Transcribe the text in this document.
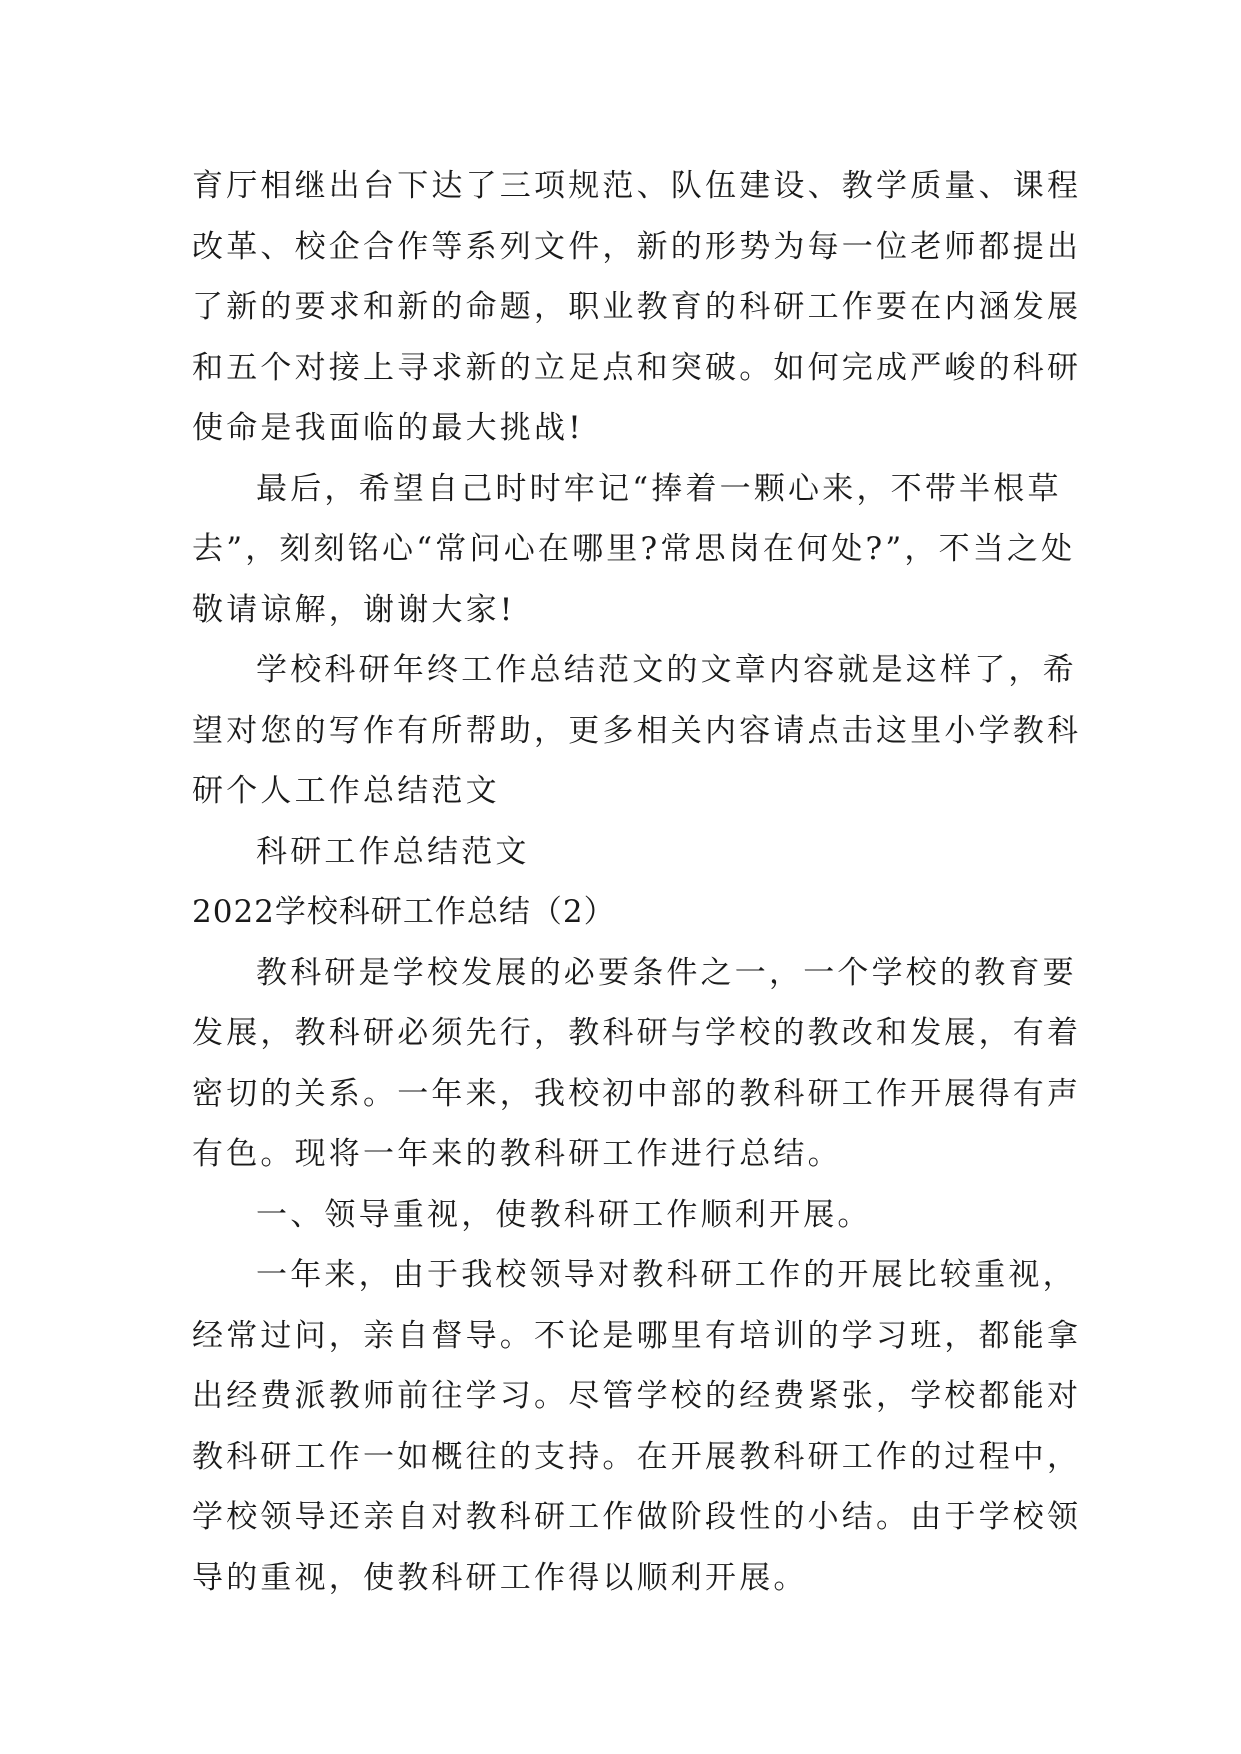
育厅相继出台下达了三项规范、队伍建设、教学质量、课程
改革、校企合作等系列文件，新的形势为每一位老师都提出
了新的要求和新的命题，职业教育的科研工作要在内涵发展
和五个对接上寻求新的立足点和突破。如何完成严峻的科研
使命是我面临的最大挑战!
最后，希望自己时时牢记“捧着一颗心来，不带半根草
去”，刻刻铭心“常问心在哪里?常思岗在何处?”，不当之处
敬请谅解，谢谢大家!
学校科研年终工作总结范文的文章内容就是这样了，希
望对您的写作有所帮助，更多相关内容请点击这里小学教科
研个人工作总结范文
科研工作总结范文
2022学校科研工作总结（2）
教科研是学校发展的必要条件之一，一个学校的教育要
发展，教科研必须先行，教科研与学校的教改和发展，有着
密切的关系。一年来，我校初中部的教科研工作开展得有声
有色。现将一年来的教科研工作进行总结。
一、领导重视，使教科研工作顺利开展。
一年来，由于我校领导对教科研工作的开展比较重视，
经常过问，亲自督导。不论是哪里有培训的学习班，都能拿
出经费派教师前往学习。尽管学校的经费紧张，学校都能对
教科研工作一如概往的支持。在开展教科研工作的过程中，
学校领导还亲自对教科研工作做阶段性的小结。由于学校领
导的重视，使教科研工作得以顺利开展。
